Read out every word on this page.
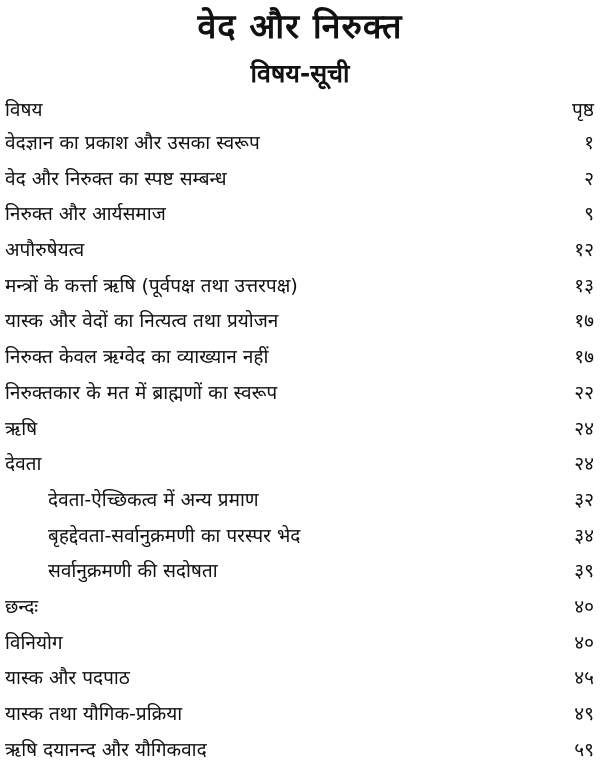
वेद और निरुक्त
विषय-सूची
विषय	पृष्ठ
वेदज्ञान का प्रकाश और उसका स्वरूप	१
वेद और निरुक्त का स्पष्ट सम्बन्ध	२
निरुक्त और आर्यसमाज	९
अपौरुषेयत्व	१२
मन्त्रों के कर्त्ता ऋषि (पूर्वपक्ष तथा उत्तरपक्ष)	१३
यास्क और वेदों का नित्यत्व तथा प्रयोजन	१७
निरुक्त केवल ऋग्वेद का व्याख्यान नहीं	१७
निरुक्तकार के मत में ब्राह्मणों का स्वरूप	२२
ऋषि	२४
देवता	२४
देवता-ऐच्छिकत्व में अन्य प्रमाण	३२
बृहद्देवता-सर्वानुक्रमणी का परस्पर भेद	३४
सर्वानुक्रमणी की सदोषता	३९
छन्दः	४०
विनियोग	४०
यास्क और पदपाठ	४५
यास्क तथा यौगिक-प्रक्रिया	४९
ऋषि दयानन्द और यौगिकवाद	५९
